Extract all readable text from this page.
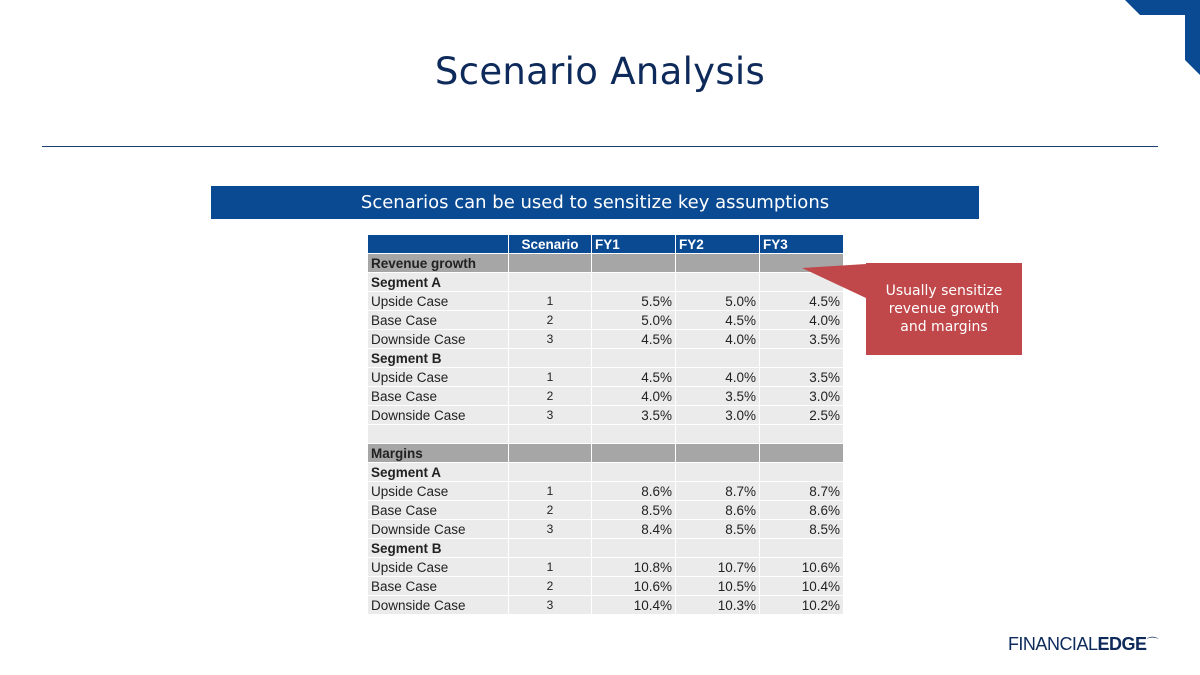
Scenario Analysis
Scenarios can be used to sensitize key assumptions
	Scenario	FY1	FY2	FY3
Revenue growth				
Segment A				
Upside Case	1	5.5%	5.0%	4.5%
Base Case	2	5.0%	4.5%	4.0%
Downside Case	3	4.5%	4.0%	3.5%
Segment B				
Upside Case	1	4.5%	4.0%	3.5%
Base Case	2	4.0%	3.5%	3.0%
Downside Case	3	3.5%	3.0%	2.5%

Margins				
Segment A				
Upside Case	1	8.6%	8.7%	8.7%
Base Case	2	8.5%	8.6%	8.6%
Downside Case	3	8.4%	8.5%	8.5%
Segment B				
Upside Case	1	10.8%	10.7%	10.6%
Base Case	2	10.6%	10.5%	10.4%
Downside Case	3	10.4%	10.3%	10.2%
Usually sensitize revenue growth and margins
FINANCIALEDGE⌒
